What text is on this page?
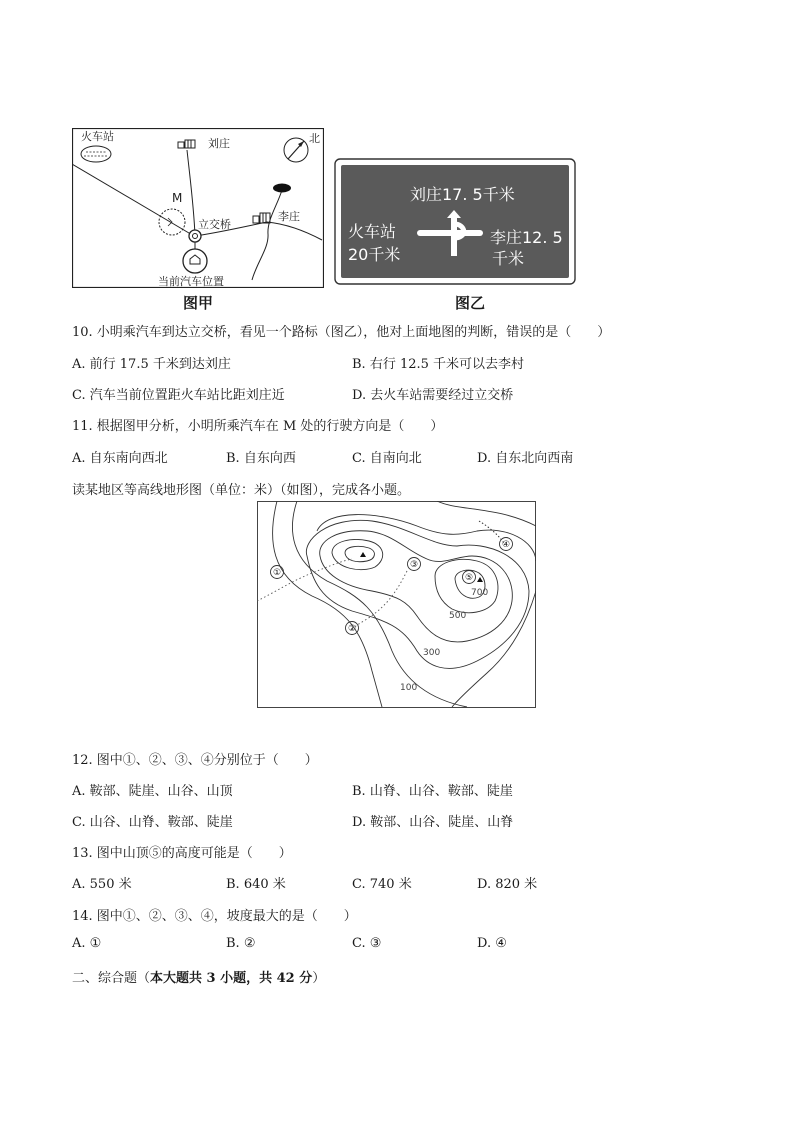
火车站
刘庄
李庄
北
M
立交桥
当前汽车位置
图甲
刘庄17. 5千米
火车站
20千米
李庄12. 5
千米
图乙
10. 小明乘汽车到达立交桥，看见一个路标（图乙），他对上面地图的判断，错误的是（　　）
A. 前行 17.5 千米到达刘庄	B. 右行 12.5 千米可以去李村
C. 汽车当前位置距火车站比距刘庄近	D. 去火车站需要经过立交桥
11. 根据图甲分析，小明所乘汽车在 M 处的行驶方向是（　　）
A. 自东南向西北	B. 自东向西	C. 自南向北	D. 自东北向西南
读某地区等高线地形图（单位：米）（如图），完成各小题。
①
②
③
④
⑤
700
500
300
100
12. 图中①、②、③、④分别位于（　　）
A. 鞍部、陡崖、山谷、山顶	B. 山脊、山谷、鞍部、陡崖
C. 山谷、山脊、鞍部、陡崖	D. 鞍部、山谷、陡崖、山脊
13. 图中山顶⑤的高度可能是（　　）
A. 550 米	B. 640 米	C. 740 米	D. 820 米
14. 图中①、②、③、④，坡度最大的是（　　）
A. ①	B. ②	C. ③	D. ④
二、综合题（本大题共 3 小题，共 42 分）
